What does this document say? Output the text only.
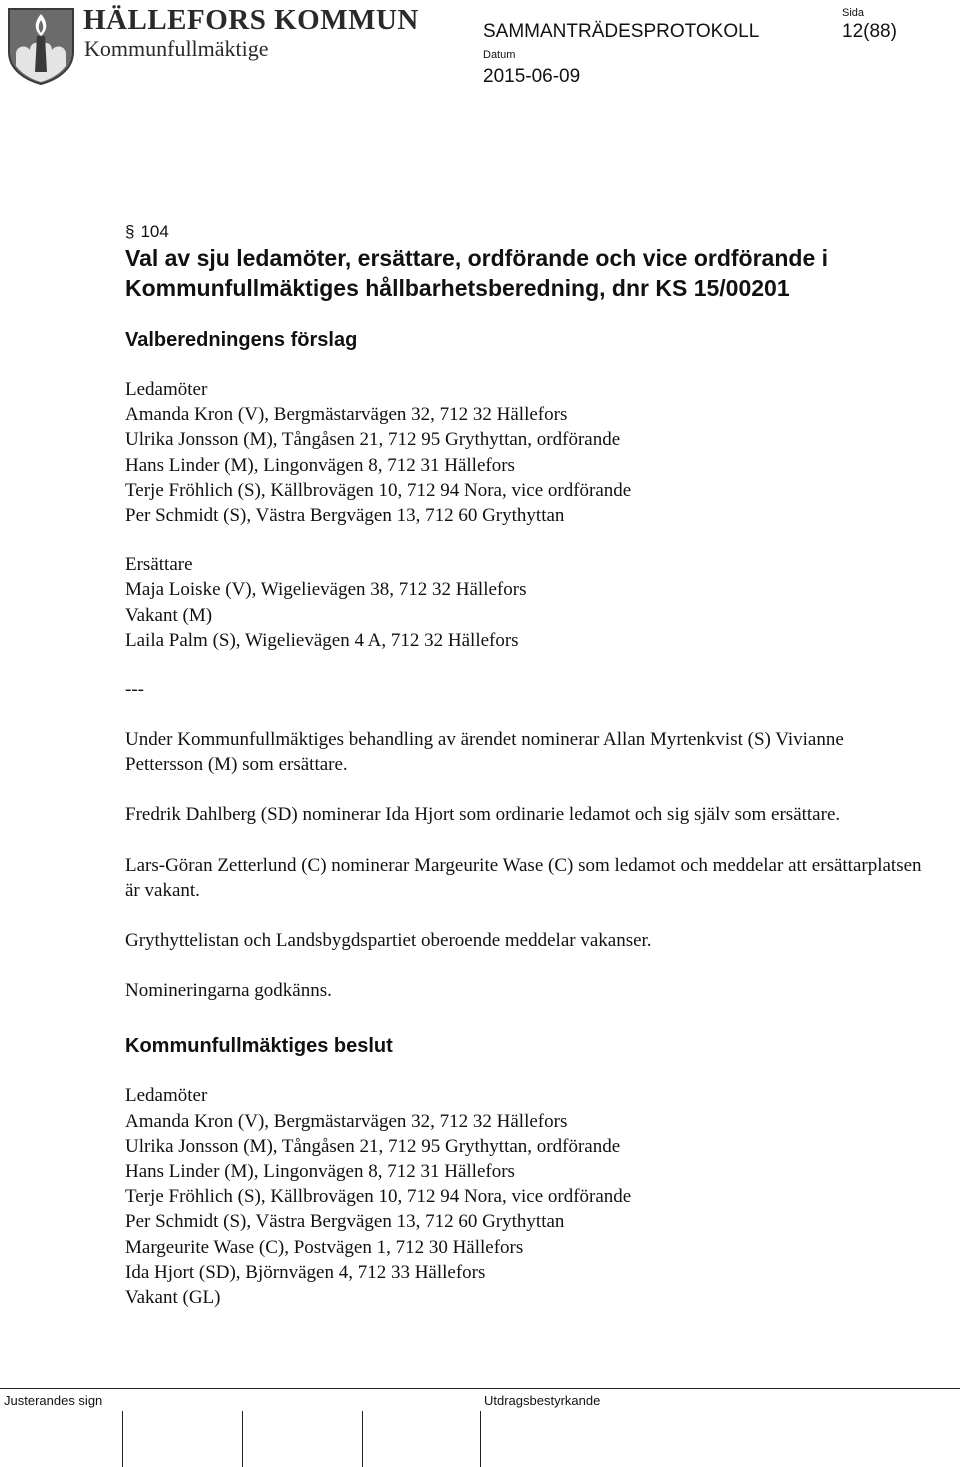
HÄLLEFORS KOMMUN
Kommunfullmäktige
SAMMANTRÄDESPROTOKOLL
Datum
2015-06-09
Sida
12(88)
§ 104
Val av sju ledamöter, ersättare, ordförande och vice ordförande i Kommunfullmäktiges hållbarhetsberedning, dnr KS 15/00201
Valberedningens förslag
Ledamöter
Amanda Kron (V), Bergmästarvägen 32, 712 32 Hällefors
Ulrika Jonsson (M), Tångåsen 21, 712 95 Grythyttan, ordförande
Hans Linder (M), Lingonvägen 8, 712 31 Hällefors
Terje Fröhlich (S), Källbrovägen 10, 712 94 Nora, vice ordförande
Per Schmidt (S), Västra Bergvägen 13, 712 60 Grythyttan
Ersättare
Maja Loiske (V), Wigelievägen 38, 712 32 Hällefors
Vakant (M)
Laila Palm (S), Wigelievägen 4 A, 712 32 Hällefors
---

Under Kommunfullmäktiges behandling av ärendet nominerar Allan Myrtenkvist (S) Vivianne Pettersson (M) som ersättare.

Fredrik Dahlberg (SD) nominerar Ida Hjort som ordinarie ledamot och sig själv som ersättare.

Lars-Göran Zetterlund (C) nominerar Margeurite Wase (C) som ledamot och meddelar att ersättarplatsen är vakant.

Grythyttelistan och Landsbygdspartiet oberoende meddelar vakanser.

Nomineringarna godkänns.

Kommunfullmäktiges beslut
Ledamöter
Amanda Kron (V), Bergmästarvägen 32, 712 32 Hällefors
Ulrika Jonsson (M), Tångåsen 21, 712 95 Grythyttan, ordförande
Hans Linder (M), Lingonvägen 8, 712 31 Hällefors
Terje Fröhlich (S), Källbrovägen 10, 712 94 Nora, vice ordförande
Per Schmidt (S), Västra Bergvägen 13, 712 60 Grythyttan
Margeurite Wase (C), Postvägen 1, 712 30 Hällefors
Ida Hjort (SD), Björnvägen 4, 712 33 Hällefors
Vakant (GL)
Justerandes sign	Utdragsbestyrkande
